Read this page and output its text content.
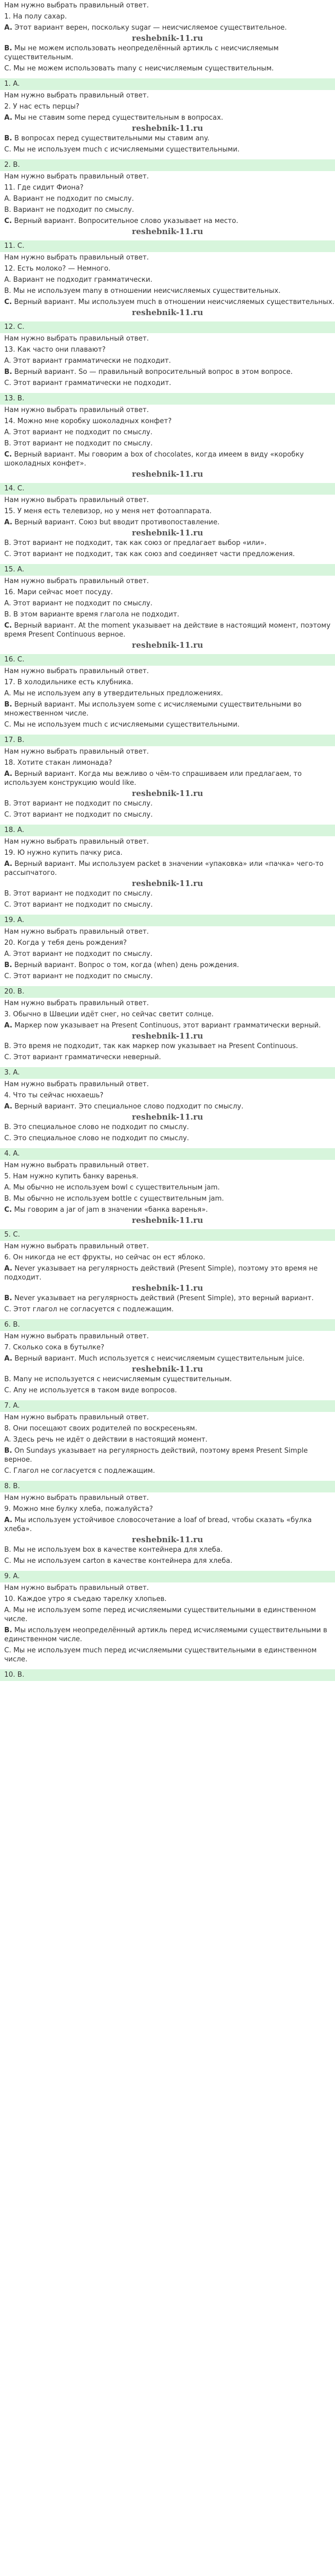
Нам нужно выбрать правильный ответ.
1. На полу сахар.
A. Этот вариант верен, поскольку sugar — неисчисляемое существительное.
reshebnik-11.ru
B. Мы не можем использовать неопределённый артикль с неисчисляемым существительным.
С. Мы не можем использовать many с неисчисляемым существительным.
1. A.
Нам нужно выбрать правильный ответ.
2. У нас есть перцы?
A. Мы не ставим some перед существительным в вопросах.
reshebnik-11.ru
B. В вопросах перед существительными мы ставим any.
С. Мы не используем much с исчисляемыми существительными.
2. B.
Нам нужно выбрать правильный ответ.
11. Где сидит Фиона?
A. Вариант не подходит по смыслу.
B. Вариант не подходит по смыслу.
C. Верный вариант. Вопросительное слово указывает на место.
reshebnik-11.ru
11. C.
Нам нужно выбрать правильный ответ.
12. Есть молоко? — Немного.
A. Вариант не подходит грамматически.
B. Мы не используем many в отношении неисчисляемых существительных.
C. Верный вариант. Мы используем much в отношении неисчисляемых существительных.
reshebnik-11.ru
12. C.
Нам нужно выбрать правильный ответ.
13. Как часто они плавают?
A. Этот вариант грамматически не подходит.
B. Верный вариант. So — правильный вопросительный вопрос в этом вопросе.
C. Этот вариант грамматически не подходит.
13. B.
Нам нужно выбрать правильный ответ.
14. Можно мне коробку шоколадных конфет?
A. Этот вариант не подходит по смыслу.
B. Этот вариант не подходит по смыслу.
C. Верный вариант. Мы говорим a box of chocolates, когда имеем в виду «коробку шоколадных конфет».
reshebnik-11.ru
14. C.
Нам нужно выбрать правильный ответ.
15. У меня есть телевизор, но у меня нет фотоаппарата.
A. Верный вариант. Союз but вводит противопоставление.
reshebnik-11.ru
B. Этот вариант не подходит, так как союз or предлагает выбор «или».
C. Этот вариант не подходит, так как союз and соединяет части предложения.
15. A.
Нам нужно выбрать правильный ответ.
16. Мари сейчас моет посуду.
A. Этот вариант не подходит по смыслу.
B. В этом варианте время глагола не подходит.
C. Верный вариант. At the moment указывает на действие в настоящий момент, поэтому время Present Continuous верное.
reshebnik-11.ru
16. C.
Нам нужно выбрать правильный ответ.
17. В холодильнике есть клубника.
A. Мы не используем any в утвердительных предложениях.
B. Верный вариант. Мы используем some с исчисляемыми существительными во множественном числе.
C. Мы не используем much с исчисляемыми существительными.
17. B.
Нам нужно выбрать правильный ответ.
18. Хотите стакан лимонада?
A. Верный вариант. Когда мы вежливо о чём-то спрашиваем или предлагаем, то используем конструкцию would like.
reshebnik-11.ru
B. Этот вариант не подходит по смыслу.
C. Этот вариант не подходит по смыслу.
18. A.
Нам нужно выбрать правильный ответ.
19. Ю нужно купить пачку риса.
A. Верный вариант. Мы используем packet в значении «упаковка» или «пачка» чего-то рассыпчатого.
reshebnik-11.ru
B. Этот вариант не подходит по смыслу.
C. Этот вариант не подходит по смыслу.
19. A.
Нам нужно выбрать правильный ответ.
20. Когда у тебя день рождения?
A. Этот вариант не подходит по смыслу.
B. Верный вариант. Вопрос о том, когда (when) день рождения.
C. Этот вариант не подходит по смыслу.
20. B.
Нам нужно выбрать правильный ответ.
3. Обычно в Швеции идёт снег, но сейчас светит солнце.
A. Маркер now указывает на Present Continuous, этот вариант грамматически верный.
reshebnik-11.ru
B. Это время не подходит, так как маркер now указывает на Present Continuous.
C. Этот вариант грамматически неверный.
3. A.
Нам нужно выбрать правильный ответ.
4. Что ты сейчас нюхаешь?
A. Верный вариант. Это специальное слово подходит по смыслу.
reshebnik-11.ru
B. Это специальное слово не подходит по смыслу.
C. Это специальное слово не подходит по смыслу.
4. A.
Нам нужно выбрать правильный ответ.
5. Нам нужно купить банку варенья.
A. Мы обычно не используем bowl с существительным jam.
B. Мы обычно не используем bottle с существительным jam.
C. Мы говорим a jar of jam в значении «банка варенья».
reshebnik-11.ru
5. C.
Нам нужно выбрать правильный ответ.
6. Он никогда не ест фрукты, но сейчас он ест яблоко.
A. Never указывает на регулярность действий (Present Simple), поэтому это время не подходит.
reshebnik-11.ru
B. Never указывает на регулярность действий (Present Simple), это верный вариант.
C. Этот глагол не согласуется с подлежащим.
6. B.
Нам нужно выбрать правильный ответ.
7. Сколько сока в бутылке?
A. Верный вариант. Much используется с неисчисляемым существительным juice.
reshebnik-11.ru
B. Many не используется с неисчисляемым существительным.
C. Any не используется в таком виде вопросов.
7. A.
Нам нужно выбрать правильный ответ.
8. Они посещают своих родителей по воскресеньям.
A. Здесь речь не идёт о действии в настоящий момент.
B. On Sundays указывает на регулярность действий, поэтому время Present Simple верное.
C. Глагол не согласуется с подлежащим.
8. B.
Нам нужно выбрать правильный ответ.
9. Можно мне булку хлеба, пожалуйста?
A. Мы используем устойчивое словосочетание a loaf of bread, чтобы сказать «булка хлеба».
reshebnik-11.ru
B. Мы не используем box в качестве контейнера для хлеба.
C. Мы не используем carton в качестве контейнера для хлеба.
9. A.
Нам нужно выбрать правильный ответ.
10. Каждое утро я съедаю тарелку хлопьев.
A. Мы не используем some перед исчисляемыми существительными в единственном числе.
B. Мы используем неопределённый артикль перед исчисляемыми существительными в единственном числе.
C. Мы не используем much перед исчисляемыми существительными в единственном числе.
10. B.
